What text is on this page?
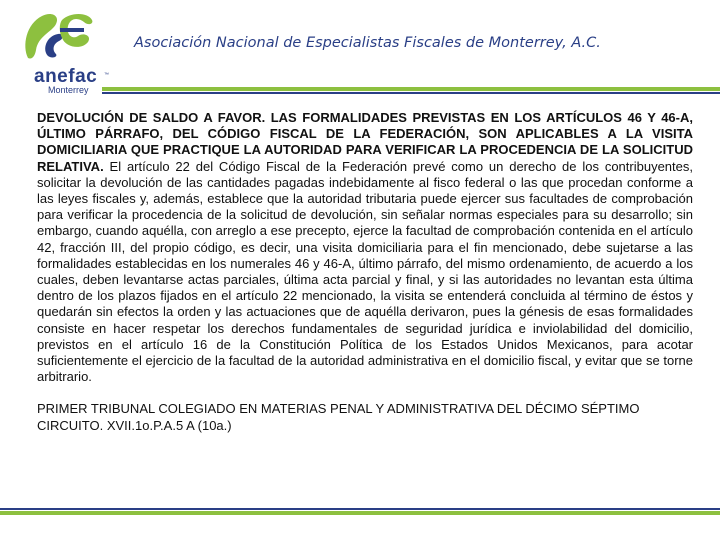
anefac ™
Monterrey
Asociación Nacional de Especialistas Fiscales de Monterrey, A.C.

DEVOLUCIÓN DE SALDO A FAVOR. LAS FORMALIDADES PREVISTAS EN LOS ARTÍCULOS 46 Y 46-A, ÚLTIMO PÁRRAFO, DEL CÓDIGO FISCAL DE LA FEDERACIÓN, SON APLICABLES A LA VISITA DOMICILIARIA QUE PRACTIQUE LA AUTORIDAD PARA VERIFICAR LA PROCEDENCIA DE LA SOLICITUD RELATIVA. El artículo 22 del Código Fiscal de la Federación prevé como un derecho de los contribuyentes, solicitar la devolución de las cantidades pagadas indebidamente al fisco federal o las que procedan conforme a las leyes fiscales y, además, establece que la autoridad tributaria puede ejercer sus facultades de comprobación para verificar la procedencia de la solicitud de devolución, sin señalar normas especiales para su desarrollo; sin embargo, cuando aquélla, con arreglo a ese precepto, ejerce la facultad de comprobación contenida en el artículo 42, fracción III, del propio código, es decir, una visita domiciliaria para el fin mencionado, debe sujetarse a las formalidades establecidas en los numerales 46 y 46-A, último párrafo, del mismo ordenamiento, de acuerdo a los cuales, deben levantarse actas parciales, última acta parcial y final, y si las autoridades no levantan esta última dentro de los plazos fijados en el artículo 22 mencionado, la visita se entenderá concluida al término de éstos y quedarán sin efectos la orden y las actuaciones que de aquélla derivaron, pues la génesis de esas formalidades consiste en hacer respetar los derechos fundamentales de seguridad jurídica e inviolabilidad del domicilio, previstos en el artículo 16 de la Constitución Política de los Estados Unidos Mexicanos, para acotar suficientemente el ejercicio de la facultad de la autoridad administrativa en el domicilio fiscal, y evitar que se torne arbitrario.

PRIMER TRIBUNAL COLEGIADO EN MATERIAS PENAL Y ADMINISTRATIVA DEL DÉCIMO SÉPTIMO CIRCUITO. XVII.1o.P.A.5 A (10a.)
